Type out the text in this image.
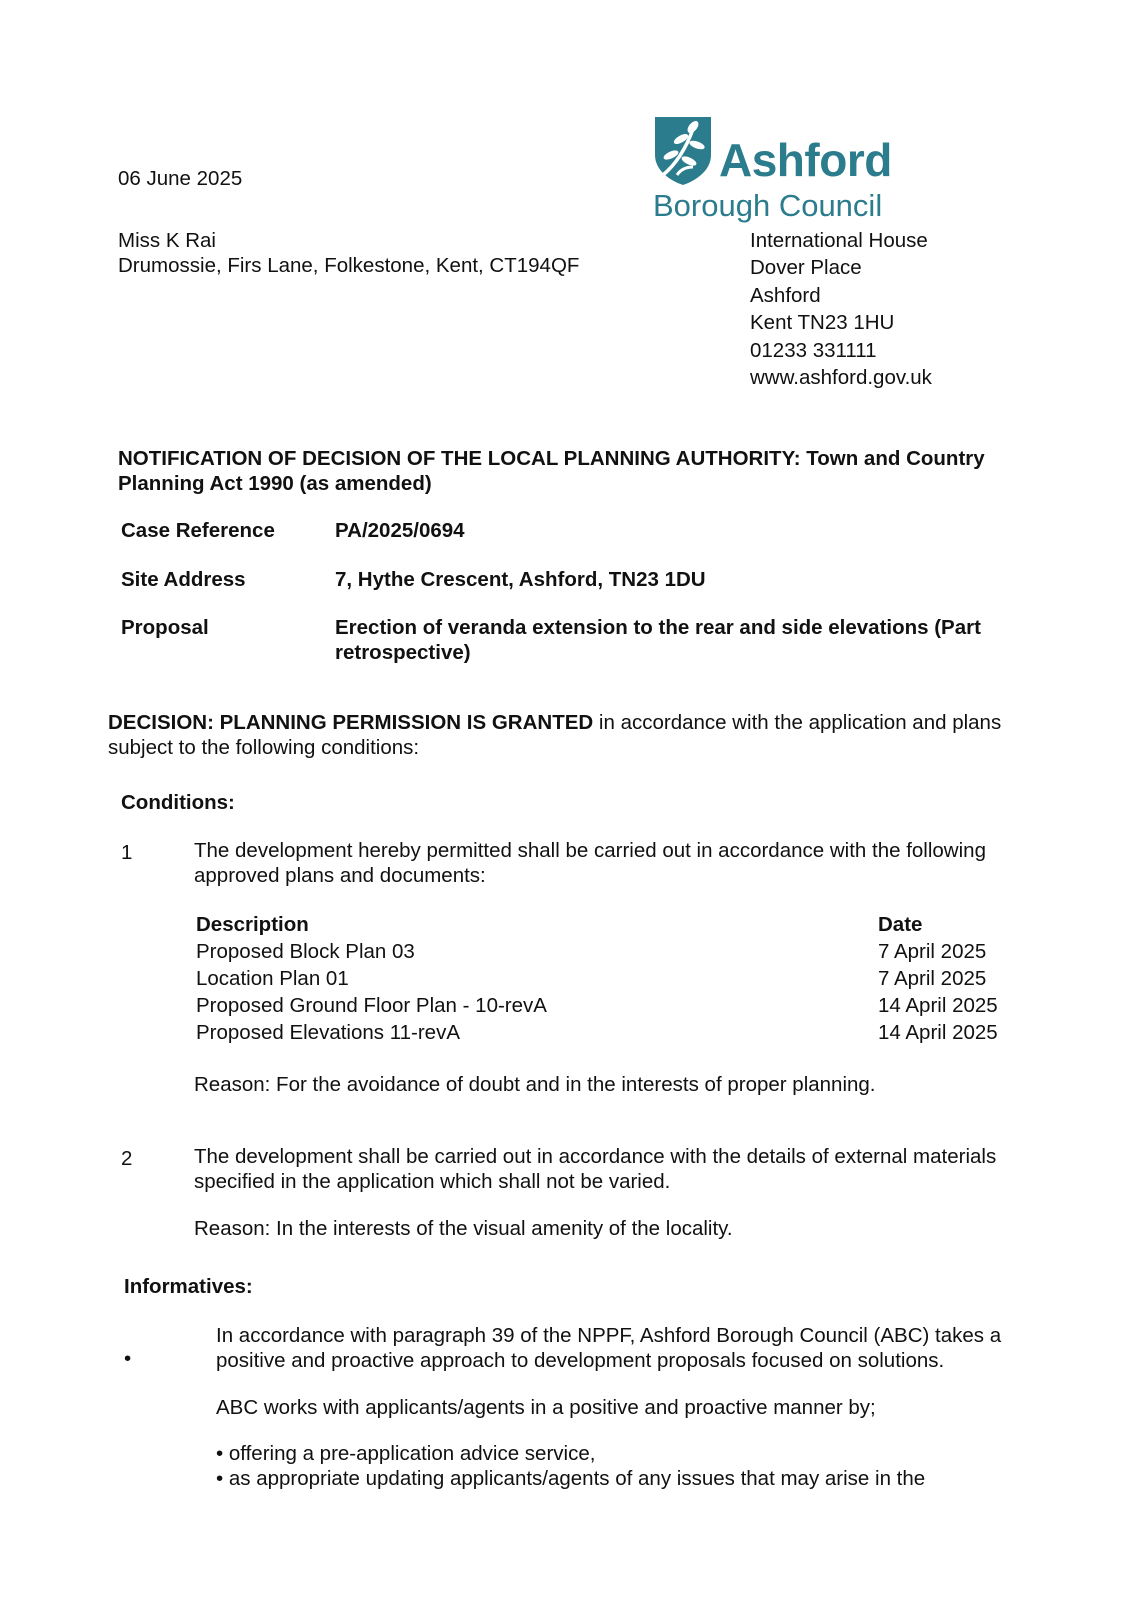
06 June 2025	Ashford
Borough Council
Miss K Rai
Drumossie, Firs Lane, Folkestone, Kent, CT194QF
International House
Dover Place
Ashford
Kent TN23 1HU
01233 331111
www.ashford.gov.uk
NOTIFICATION OF DECISION OF THE LOCAL PLANNING AUTHORITY: Town and Country Planning Act 1990 (as amended)
Case Reference	PA/2025/0694
Site Address	7, Hythe Crescent, Ashford, TN23 1DU
Proposal	Erection of veranda extension to the rear and side elevations (Part retrospective)
DECISION: PLANNING PERMISSION IS GRANTED in accordance with the application and plans subject to the following conditions:
Conditions:
1	The development hereby permitted shall be carried out in accordance with the following approved plans and documents:
Description	Date
Proposed Block Plan 03	7 April 2025
Location Plan 01	7 April 2025
Proposed Ground Floor Plan - 10-revA	14 April 2025
Proposed Elevations 11-revA	14 April 2025
Reason: For the avoidance of doubt and in the interests of proper planning.
2	The development shall be carried out in accordance with the details of external materials specified in the application which shall not be varied.
Reason: In the interests of the visual amenity of the locality.
Informatives:
•
In accordance with paragraph 39 of the NPPF, Ashford Borough Council (ABC) takes a positive and proactive approach to development proposals focused on solutions.
ABC works with applicants/agents in a positive and proactive manner by;
• offering a pre-application advice service,
• as appropriate updating applicants/agents of any issues that may arise in the
